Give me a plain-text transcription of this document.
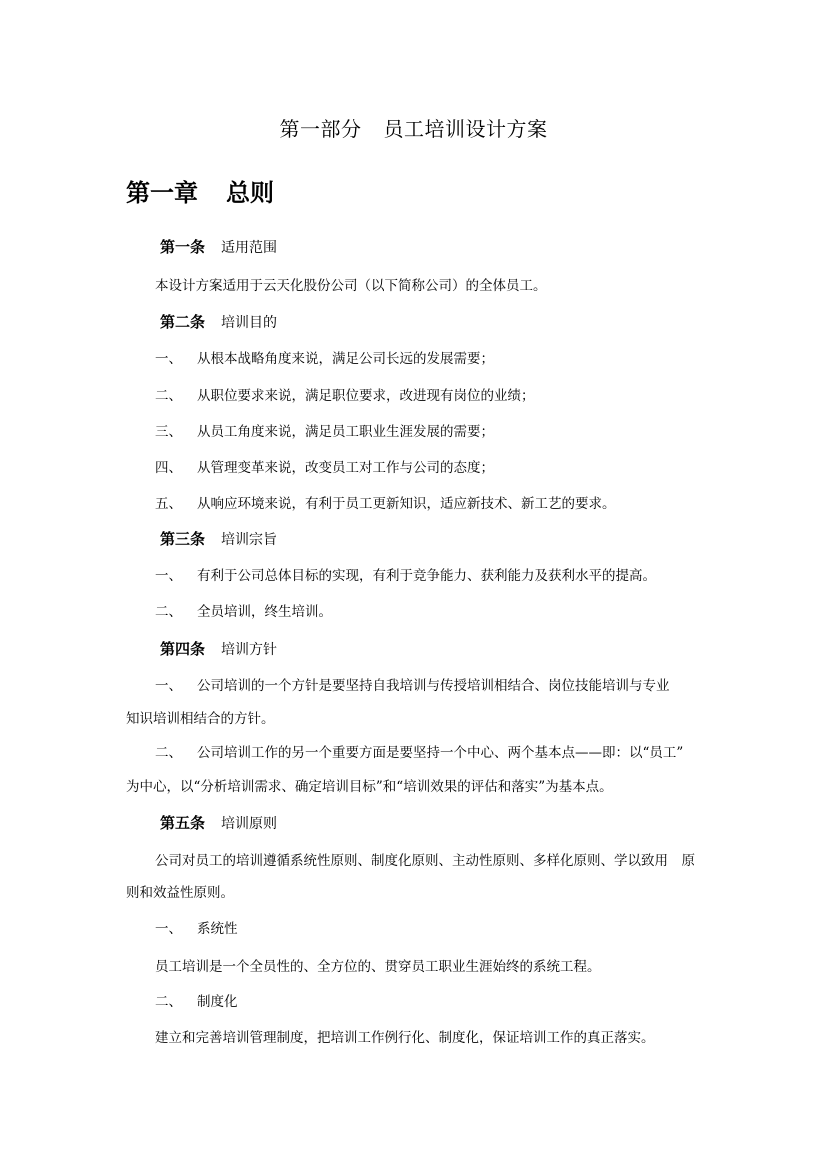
第一部分 员工培训设计方案
第一章 总则
第一条 适用范围
本设计方案适用于云天化股份公司（以下简称公司）的全体员工。
第二条 培训目的
一、 从根本战略角度来说，满足公司长远的发展需要；
二、 从职位要求来说，满足职位要求，改进现有岗位的业绩；
三、 从员工角度来说，满足员工职业生涯发展的需要；
四、 从管理变革来说，改变员工对工作与公司的态度；
五、 从响应环境来说，有利于员工更新知识，适应新技术、新工艺的要求。
第三条 培训宗旨
一、 有利于公司总体目标的实现，有利于竞争能力、获利能力及获利水平的提高。
二、 全员培训，终生培训。
第四条 培训方针
一、 公司培训的一个方针是要坚持自我培训与传授培训相结合、岗位技能培训与专业
知识培训相结合的方针。
二、 公司培训工作的另一个重要方面是要坚持一个中心、两个基本点——即：以“员工”
为中心，以“分析培训需求、确定培训目标”和“培训效果的评估和落实”为基本点。
第五条 培训原则
公司对员工的培训遵循系统性原则、制度化原则、主动性原则、多样化原则、学以致用　原
则和效益性原则。
一、 系统性
员工培训是一个全员性的、全方位的、贯穿员工职业生涯始终的系统工程。
二、 制度化
建立和完善培训管理制度，把培训工作例行化、制度化，保证培训工作的真正落实。
